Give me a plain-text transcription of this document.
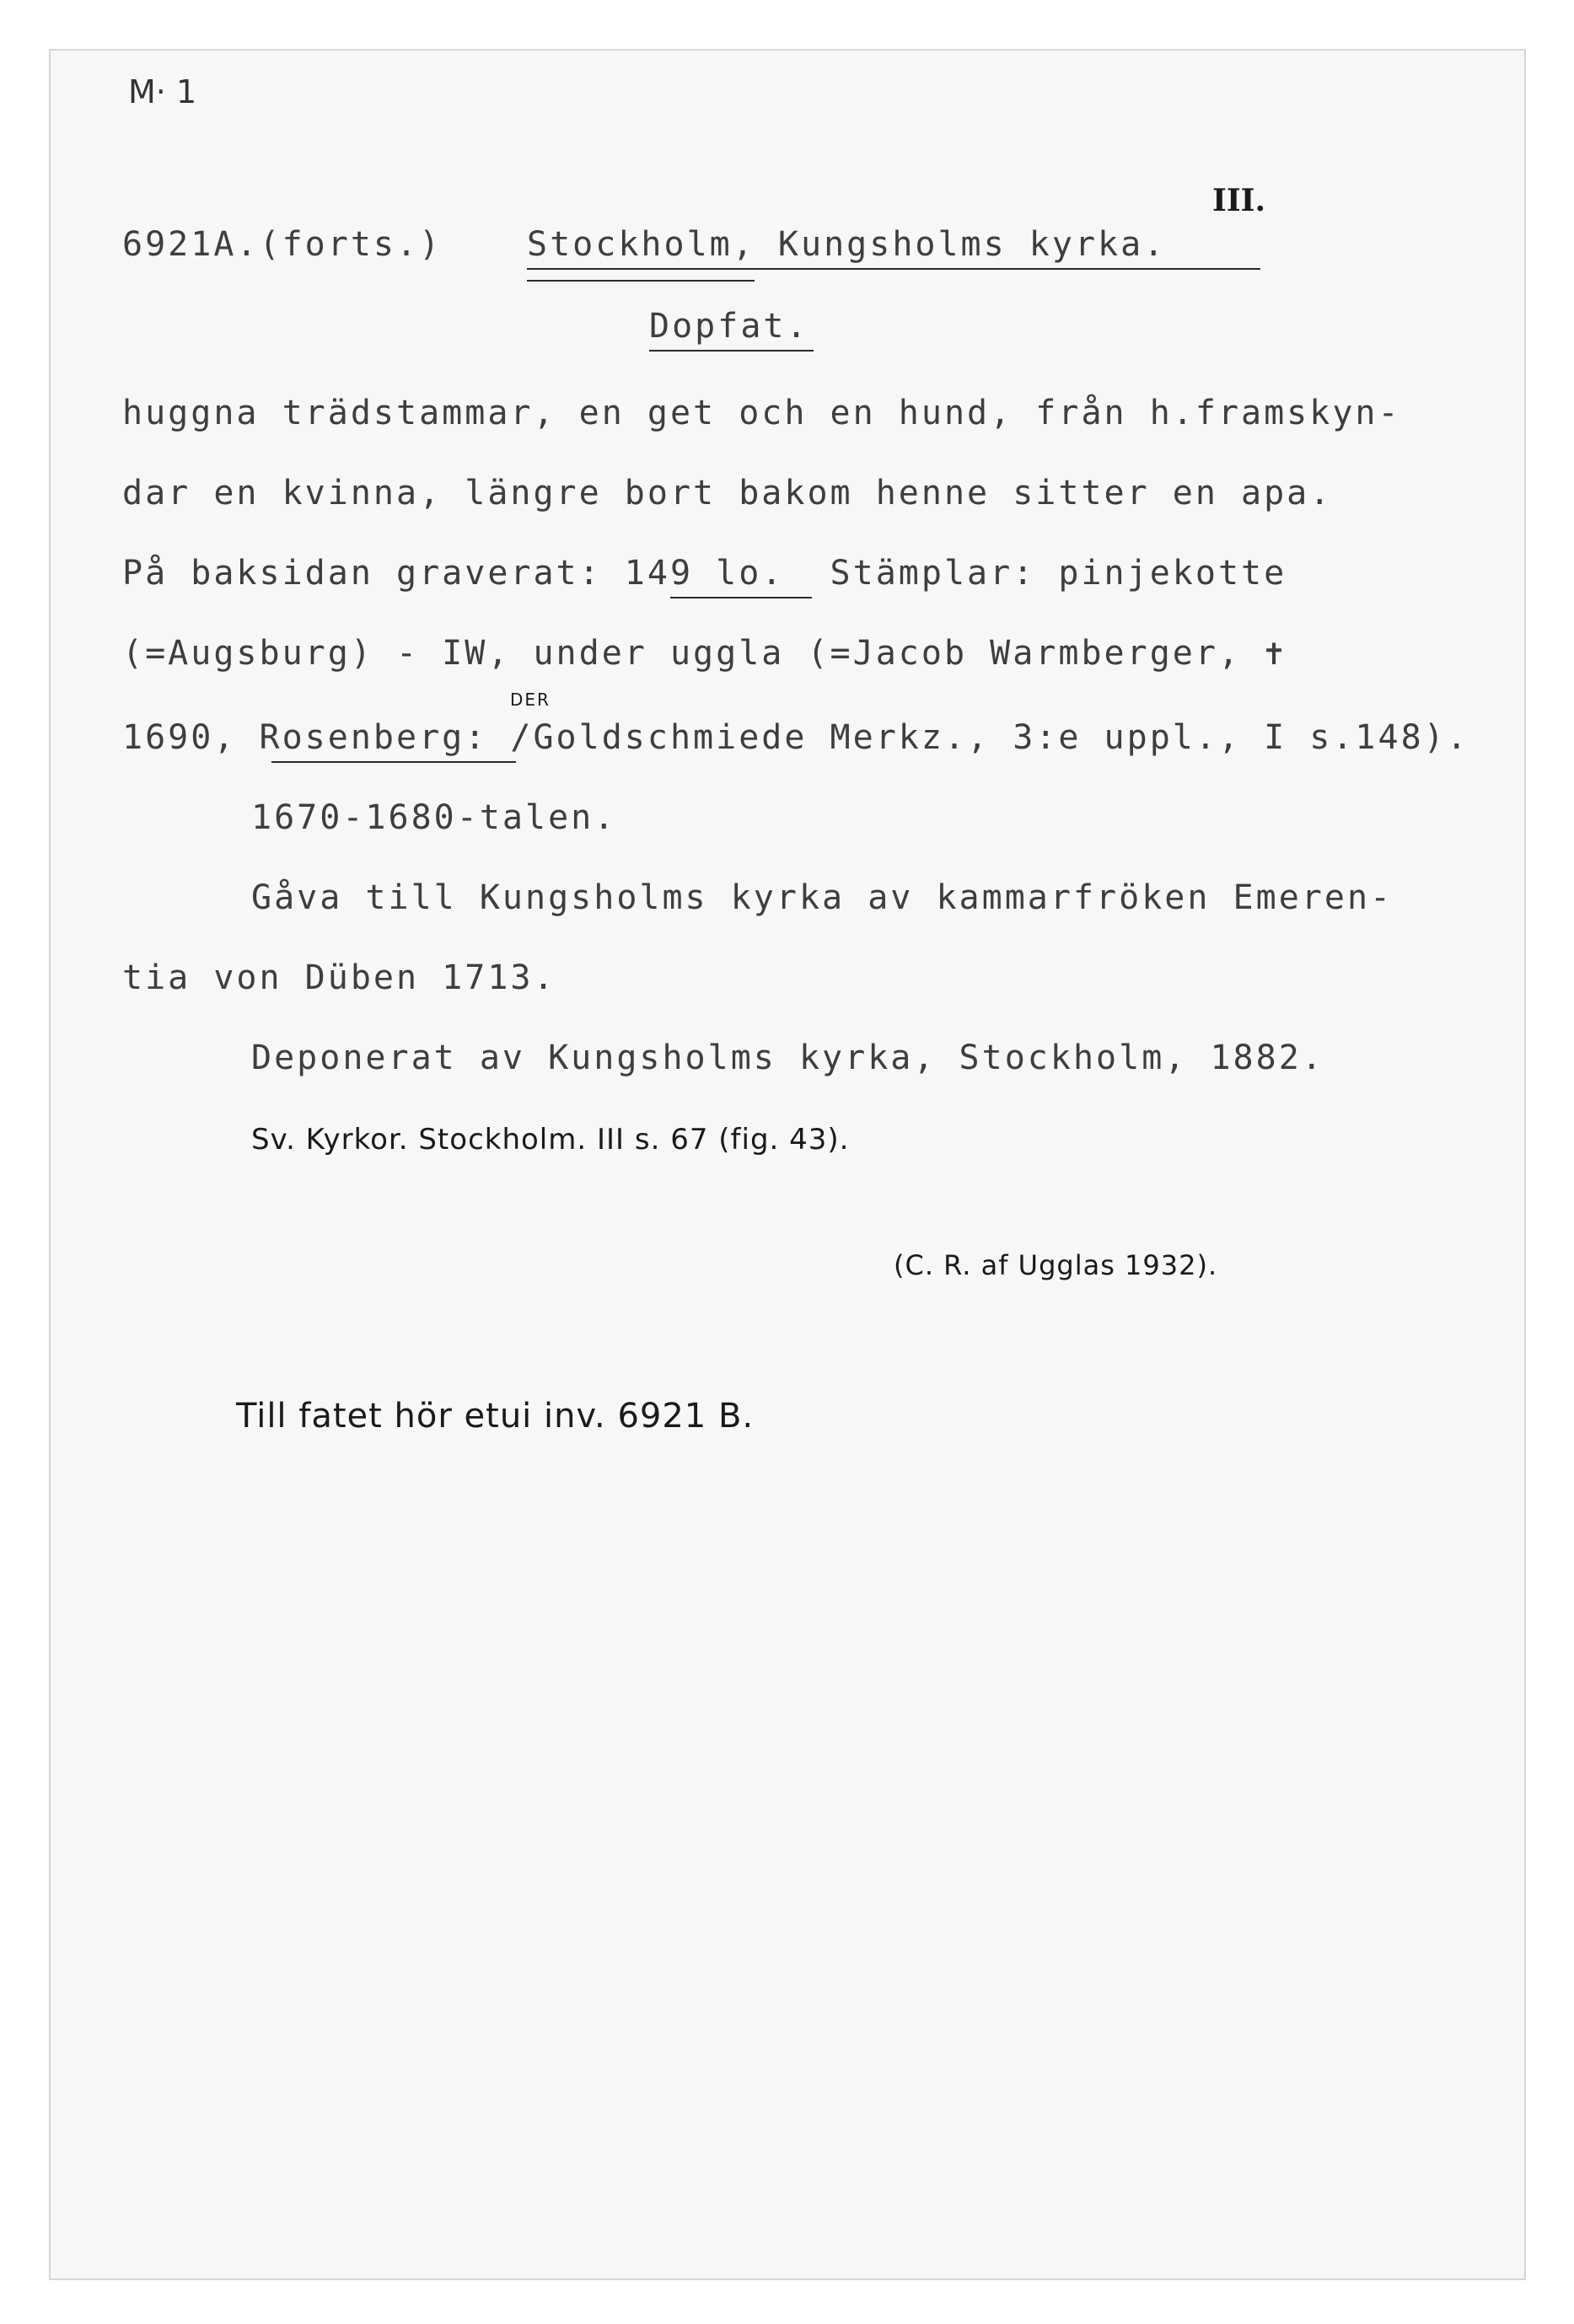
M· 1
III.
6921A.(forts.)	Stockholm, Kungsholms kyrka.
Dopfat.
huggna trädstammar, en get och en hund, från h.framskyn-
dar en kvinna, längre bort bakom henne sitter en apa.
På baksidan graverat: 149 lo.  Stämplar: pinjekotte
(=Augsburg) - IW, under uggla (=Jacob Warmberger, ✝
DER
1690, Rosenberg: /Goldschmiede Merkz., 3:e uppl., I s.148).
1670-1680-talen.
Gåva till Kungsholms kyrka av kammarfröken Emeren-
tia von Düben 1713.
Deponerat av Kungsholms kyrka, Stockholm, 1882.
Sv. Kyrkor. Stockholm. III s. 67 (fig. 43).
(C. R. af Ugglas 1932).
Till fatet hör etui inv. 6921 B.
